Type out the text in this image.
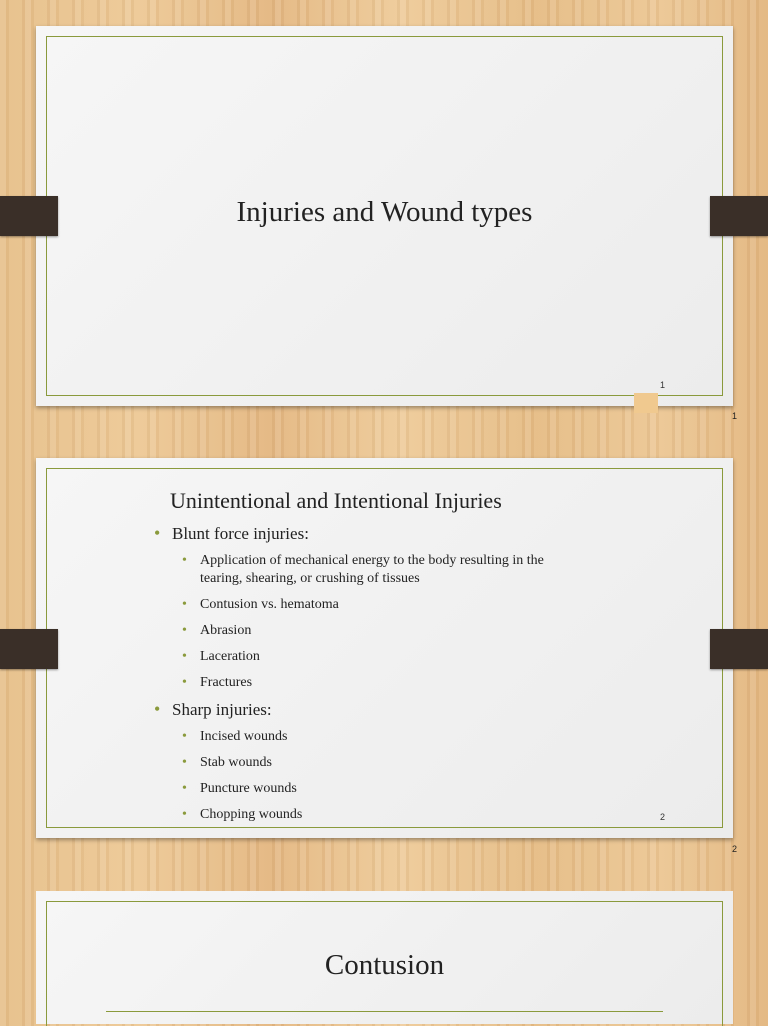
Injuries and Wound types
1
1
Unintentional and Intentional Injuries
• Blunt force injuries:
• Application of mechanical energy to the body resulting in the tearing, shearing, or crushing of tissues
• Contusion vs. hematoma
• Abrasion
• Laceration
• Fractures
• Sharp injuries:
• Incised wounds
• Stab wounds
• Puncture wounds
• Chopping wounds	2
2
Contusion
